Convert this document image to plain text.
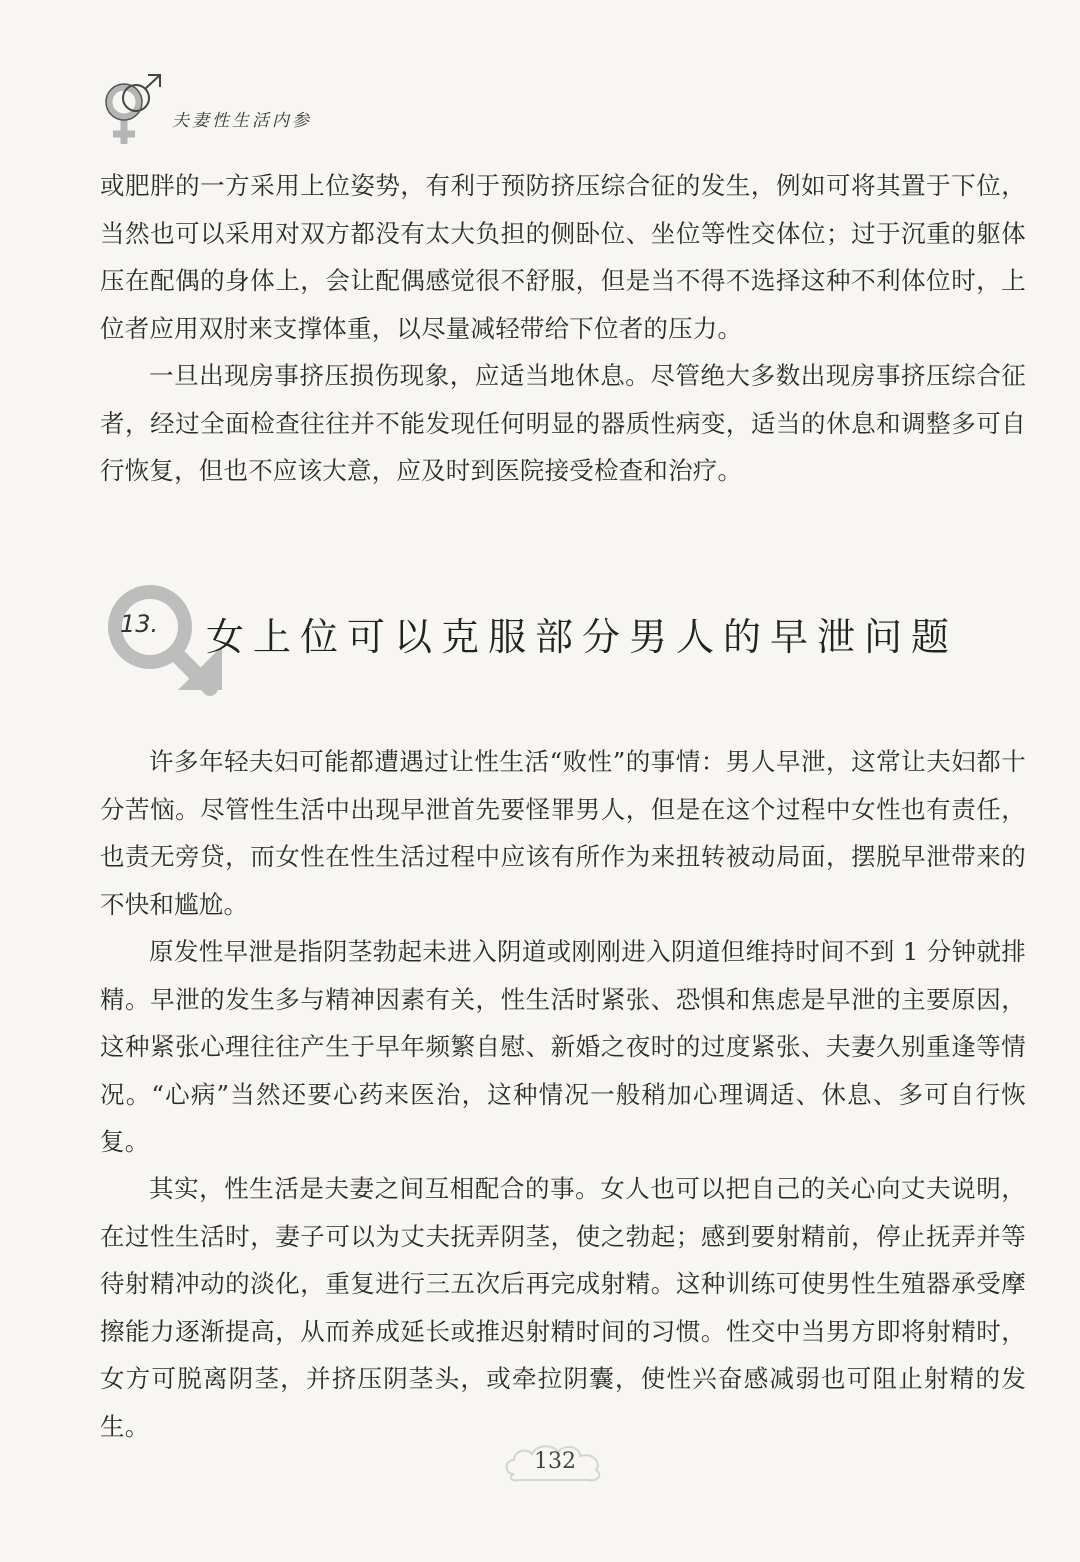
夫妻性生活内参

或肥胖的一方采用上位姿势，有利于预防挤压综合征的发生，例如可将其置于下位，当然也可以采用对双方都没有太大负担的侧卧位、坐位等性交体位；过于沉重的躯体压在配偶的身体上，会让配偶感觉很不舒服，但是当不得不选择这种不利体位时，上位者应用双肘来支撑体重，以尽量减轻带给下位者的压力。

一旦出现房事挤压损伤现象，应适当地休息。尽管绝大多数出现房事挤压综合征者，经过全面检查往往并不能发现任何明显的器质性病变，适当的休息和调整多可自行恢复，但也不应该大意，应及时到医院接受检查和治疗。

13. 女上位可以克服部分男人的早泄问题

许多年轻夫妇可能都遭遇过让性生活“败性”的事情：男人早泄，这常让夫妇都十分苦恼。尽管性生活中出现早泄首先要怪罪男人，但是在这个过程中女性也有责任，也责无旁贷，而女性在性生活过程中应该有所作为来扭转被动局面，摆脱早泄带来的不快和尴尬。

原发性早泄是指阴茎勃起未进入阴道或刚刚进入阴道但维持时间不到 1 分钟就排精。早泄的发生多与精神因素有关，性生活时紧张、恐惧和焦虑是早泄的主要原因，这种紧张心理往往产生于早年频繁自慰、新婚之夜时的过度紧张、夫妻久别重逢等情况。“心病”当然还要心药来医治，这种情况一般稍加心理调适、休息、多可自行恢复。

其实，性生活是夫妻之间互相配合的事。女人也可以把自己的关心向丈夫说明，在过性生活时，妻子可以为丈夫抚弄阴茎，使之勃起；感到要射精前，停止抚弄并等待射精冲动的淡化，重复进行三五次后再完成射精。这种训练可使男性生殖器承受摩擦能力逐渐提高，从而养成延长或推迟射精时间的习惯。性交中当男方即将射精时，女方可脱离阴茎，并挤压阴茎头，或牵拉阴囊，使性兴奋感减弱也可阻止射精的发生。

132
